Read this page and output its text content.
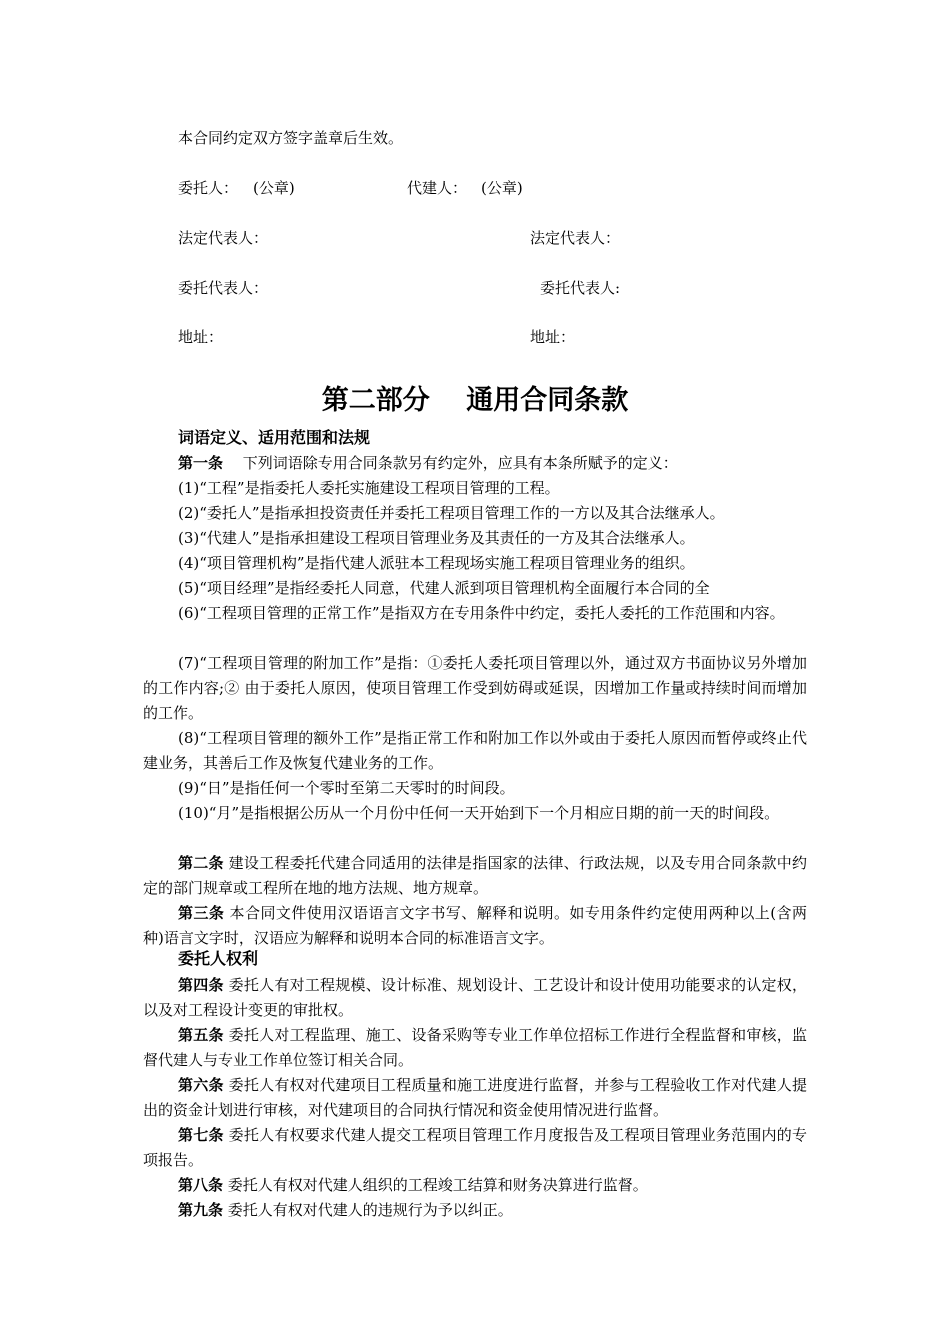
本合同约定双方签字盖章后生效。
委托人： (公章)	代建人： (公章)
法定代表人：	法定代表人：
委托代表人：	委托代表人:
地址：	地址：
第二部分　 通用合同条款
词语定义、适用范围和法规
第一条　 下列词语除专用合同条款另有约定外，应具有本条所赋予的定义：
(1)“工程”是指委托人委托实施建设工程项目管理的工程。
(2)“委托人”是指承担投资责任并委托工程项目管理工作的一方以及其合法继承人。
(3)“代建人”是指承担建设工程项目管理业务及其责任的一方及其合法继承人。
(4)“项目管理机构”是指代建人派驻本工程现场实施工程项目管理业务的组织。
(5)“项目经理”是指经委托人同意，代建人派到项目管理机构全面履行本合同的全
(6)“工程项目管理的正常工作”是指双方在专用条件中约定，委托人委托的工作范围和内容。
(7)“工程项目管理的附加工作”是指：①委托人委托项目管理以外，通过双方书面协议另外增加的工作内容;② 由于委托人原因，使项目管理工作受到妨碍或延误，因增加工作量或持续时间而增加的工作。
(8)“工程项目管理的额外工作”是指正常工作和附加工作以外或由于委托人原因而暂停或终止代建业务，其善后工作及恢复代建业务的工作。
(9)“日”是指任何一个零时至第二天零时的时间段。
(10)“月”是指根据公历从一个月份中任何一天开始到下一个月相应日期的前一天的时间段。
第二条 建设工程委托代建合同适用的法律是指国家的法律、行政法规，以及专用合同条款中约定的部门规章或工程所在地的地方法规、地方规章。
第三条 本合同文件使用汉语语言文字书写、解释和说明。如专用条件约定使用两种以上(含两种)语言文字时，汉语应为解释和说明本合同的标准语言文字。
委托人权利
第四条 委托人有对工程规模、设计标准、规划设计、工艺设计和设计使用功能要求的认定权，以及对工程设计变更的审批权。
第五条 委托人对工程监理、施工、设备采购等专业工作单位招标工作进行全程监督和审核，监督代建人与专业工作单位签订相关合同。
第六条 委托人有权对代建项目工程质量和施工进度进行监督，并参与工程验收工作对代建人提出的资金计划进行审核，对代建项目的合同执行情况和资金使用情况进行监督。
第七条 委托人有权要求代建人提交工程项目管理工作月度报告及工程项目管理业务范围内的专项报告。
第八条 委托人有权对代建人组织的工程竣工结算和财务决算进行监督。
第九条 委托人有权对代建人的违规行为予以纠正。
